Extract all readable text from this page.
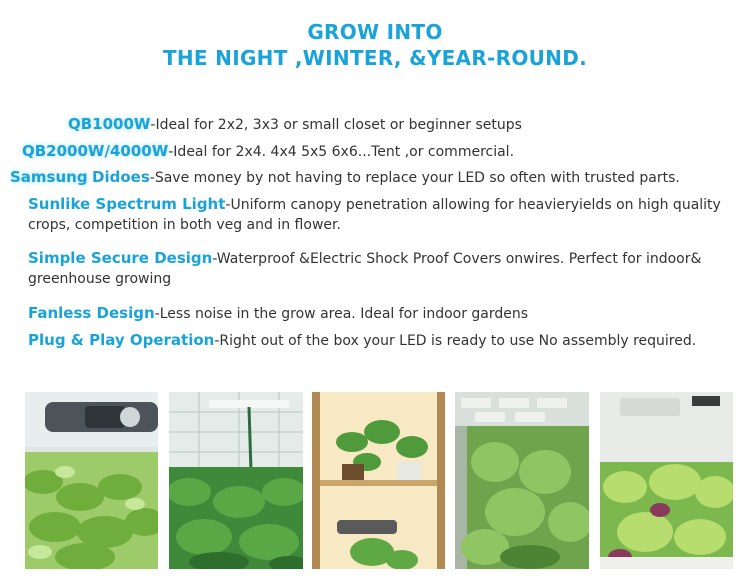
GROW INTO
THE NIGHT ,WINTER, &YEAR-ROUND.
QB1000W-Ideal for 2x2, 3x3 or small closet or beginner setups
QB2000W/4000W-Ideal for 2x4. 4x4 5x5 6x6...Tent ,or commercial.
Samsung Didoes-Save money by not having to replace your LED so often with trusted parts.
Sunlike Spectrum Light-Uniform canopy penetration allowing for heavieryields on high quality crops, competition in both veg and in flower.
Simple Secure Design-Waterproof &Electric Shock Proof Covers onwires. Perfect for indoor& greenhouse growing
Fanless Design-Less noise in the grow area. Ideal for indoor gardens
Plug & Play Operation-Right out of the box your LED is ready to use No assembly required.
